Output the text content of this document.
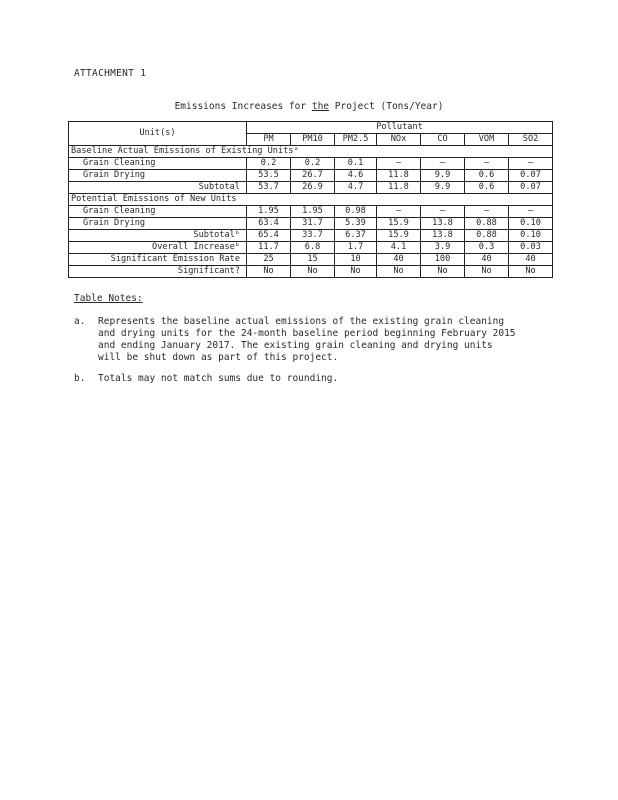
ATTACHMENT 1
Emissions Increases for the Project (Tons/Year)
Unit(s)	Pollutant						
	PM	PM10	PM2.5	NOx	CO	VOM	SO2
Baseline Actual Emissions of Existing Unitsᵃ							
Grain Cleaning	0.2	0.2	0.1	–	–	–	–
Grain Drying	53.5	26.7	4.6	11.8	9.9	0.6	0.07
Subtotal	53.7	26.9	4.7	11.8	9.9	0.6	0.07
Potential Emissions of New Units							
Grain Cleaning	1.95	1.95	0.98	–	–	–	–
Grain Drying	63.4	31.7	5.39	15.9	13.8	0.88	0.10
Subtotalᵇ	65.4	33.7	6.37	15.9	13.8	0.88	0.10
Overall Increaseᵇ	11.7	6.8	1.7	4.1	3.9	0.3	0.03
Significant Emission Rate	25	15	10	40	100	40	40
Significant?	No	No	No	No	No	No	No
Table Notes:
a. Represents the baseline actual emissions of the existing grain cleaning
and drying units for the 24-month baseline period beginning February 2015
and ending January 2017. The existing grain cleaning and drying units
will be shut down as part of this project.
b. Totals may not match sums due to rounding.
